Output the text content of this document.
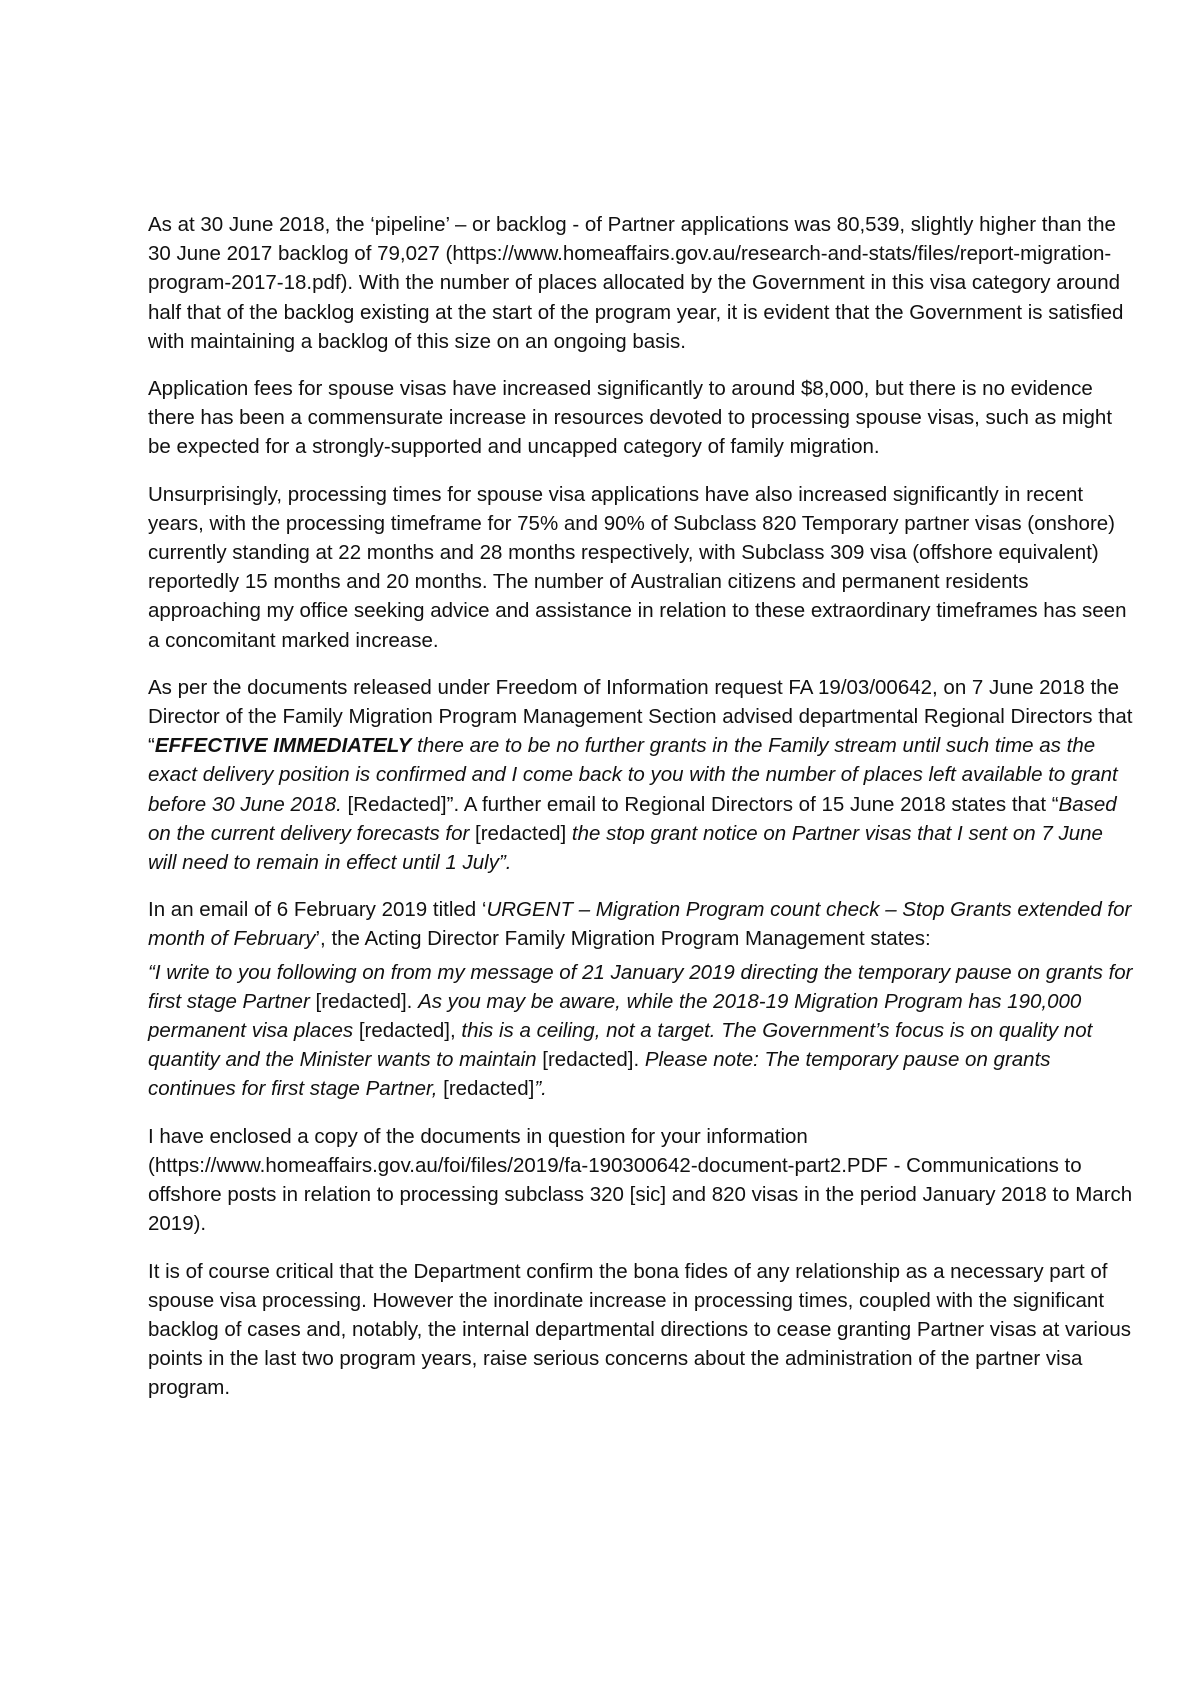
As at 30 June 2018, the ‘pipeline’ – or backlog - of Partner applications was 80,539, slightly higher than the 30 June 2017 backlog of 79,027 (https://www.homeaffairs.gov.au/research-and-stats/files/report-migration-program-2017-18.pdf). With the number of places allocated by the Government in this visa category around half that of the backlog existing at the start of the program year, it is evident that the Government is satisfied with maintaining a backlog of this size on an ongoing basis.

Application fees for spouse visas have increased significantly to around $8,000, but there is no evidence there has been a commensurate increase in resources devoted to processing spouse visas, such as might be expected for a strongly-supported and uncapped category of family migration.

Unsurprisingly, processing times for spouse visa applications have also increased significantly in recent years, with the processing timeframe for 75% and 90% of Subclass 820 Temporary partner visas (onshore) currently standing at 22 months and 28 months respectively, with Subclass 309 visa (offshore equivalent) reportedly 15 months and 20 months. The number of Australian citizens and permanent residents approaching my office seeking advice and assistance in relation to these extraordinary timeframes has seen a concomitant marked increase.

As per the documents released under Freedom of Information request FA 19/03/00642, on 7 June 2018 the Director of the Family Migration Program Management Section advised departmental Regional Directors that “EFFECTIVE IMMEDIATELY there are to be no further grants in the Family stream until such time as the exact delivery position is confirmed and I come back to you with the number of places left available to grant before 30 June 2018. [Redacted]”. A further email to Regional Directors of 15 June 2018 states that “Based on the current delivery forecasts for [redacted] the stop grant notice on Partner visas that I sent on 7 June will need to remain in effect until 1 July”.

In an email of 6 February 2019 titled ‘URGENT – Migration Program count check – Stop Grants extended for month of February’, the Acting Director Family Migration Program Management states:

“I write to you following on from my message of 21 January 2019 directing the temporary pause on grants for first stage Partner [redacted]. As you may be aware, while the 2018-19 Migration Program has 190,000 permanent visa places [redacted], this is a ceiling, not a target. The Government’s focus is on quality not quantity and the Minister wants to maintain [redacted]. Please note: The temporary pause on grants continues for first stage Partner, [redacted]”.

I have enclosed a copy of the documents in question for your information (https://www.homeaffairs.gov.au/foi/files/2019/fa-190300642-document-part2.PDF - Communications to offshore posts in relation to processing subclass 320 [sic] and 820 visas in the period January 2018 to March 2019).

It is of course critical that the Department confirm the bona fides of any relationship as a necessary part of spouse visa processing. However the inordinate increase in processing times, coupled with the significant backlog of cases and, notably, the internal departmental directions to cease granting Partner visas at various points in the last two program years, raise serious concerns about the administration of the partner visa program.
